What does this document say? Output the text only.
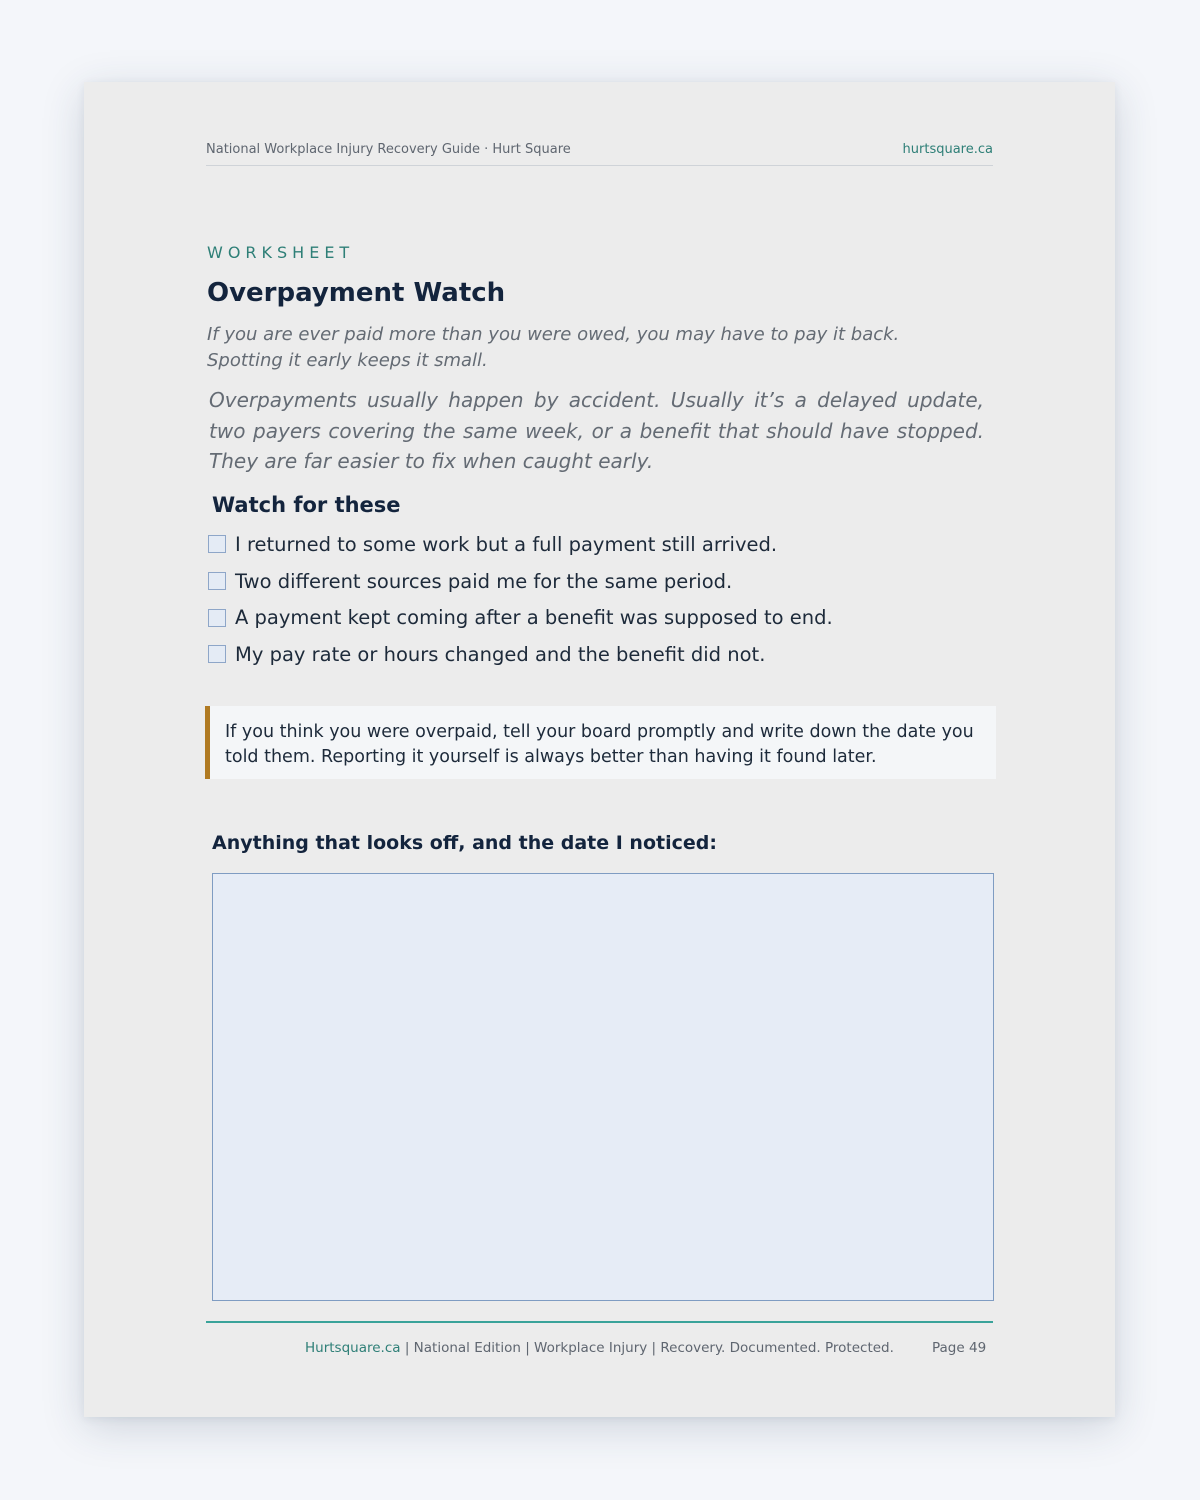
National Workplace Injury Recovery Guide · Hurt Square	hurtsquare.ca
WORKSHEET
Overpayment Watch

If you are ever paid more than you were owed, you may have to pay it back. Spotting it early keeps it small.

Overpayments usually happen by accident. Usually it’s a delayed update, two payers covering the same week, or a benefit that should have stopped. They are far easier to fix when caught early.

Watch for these
I returned to some work but a full payment still arrived.
Two different sources paid me for the same period.
A payment kept coming after a benefit was supposed to end.
My pay rate or hours changed and the benefit did not.
If you think you were overpaid, tell your board promptly and write down the date you told them. Reporting it yourself is always better than having it found later.
Anything that looks off, and the date I noticed:
Hurtsquare.ca | National Edition | Workplace Injury | Recovery. Documented. Protected.	Page 49
